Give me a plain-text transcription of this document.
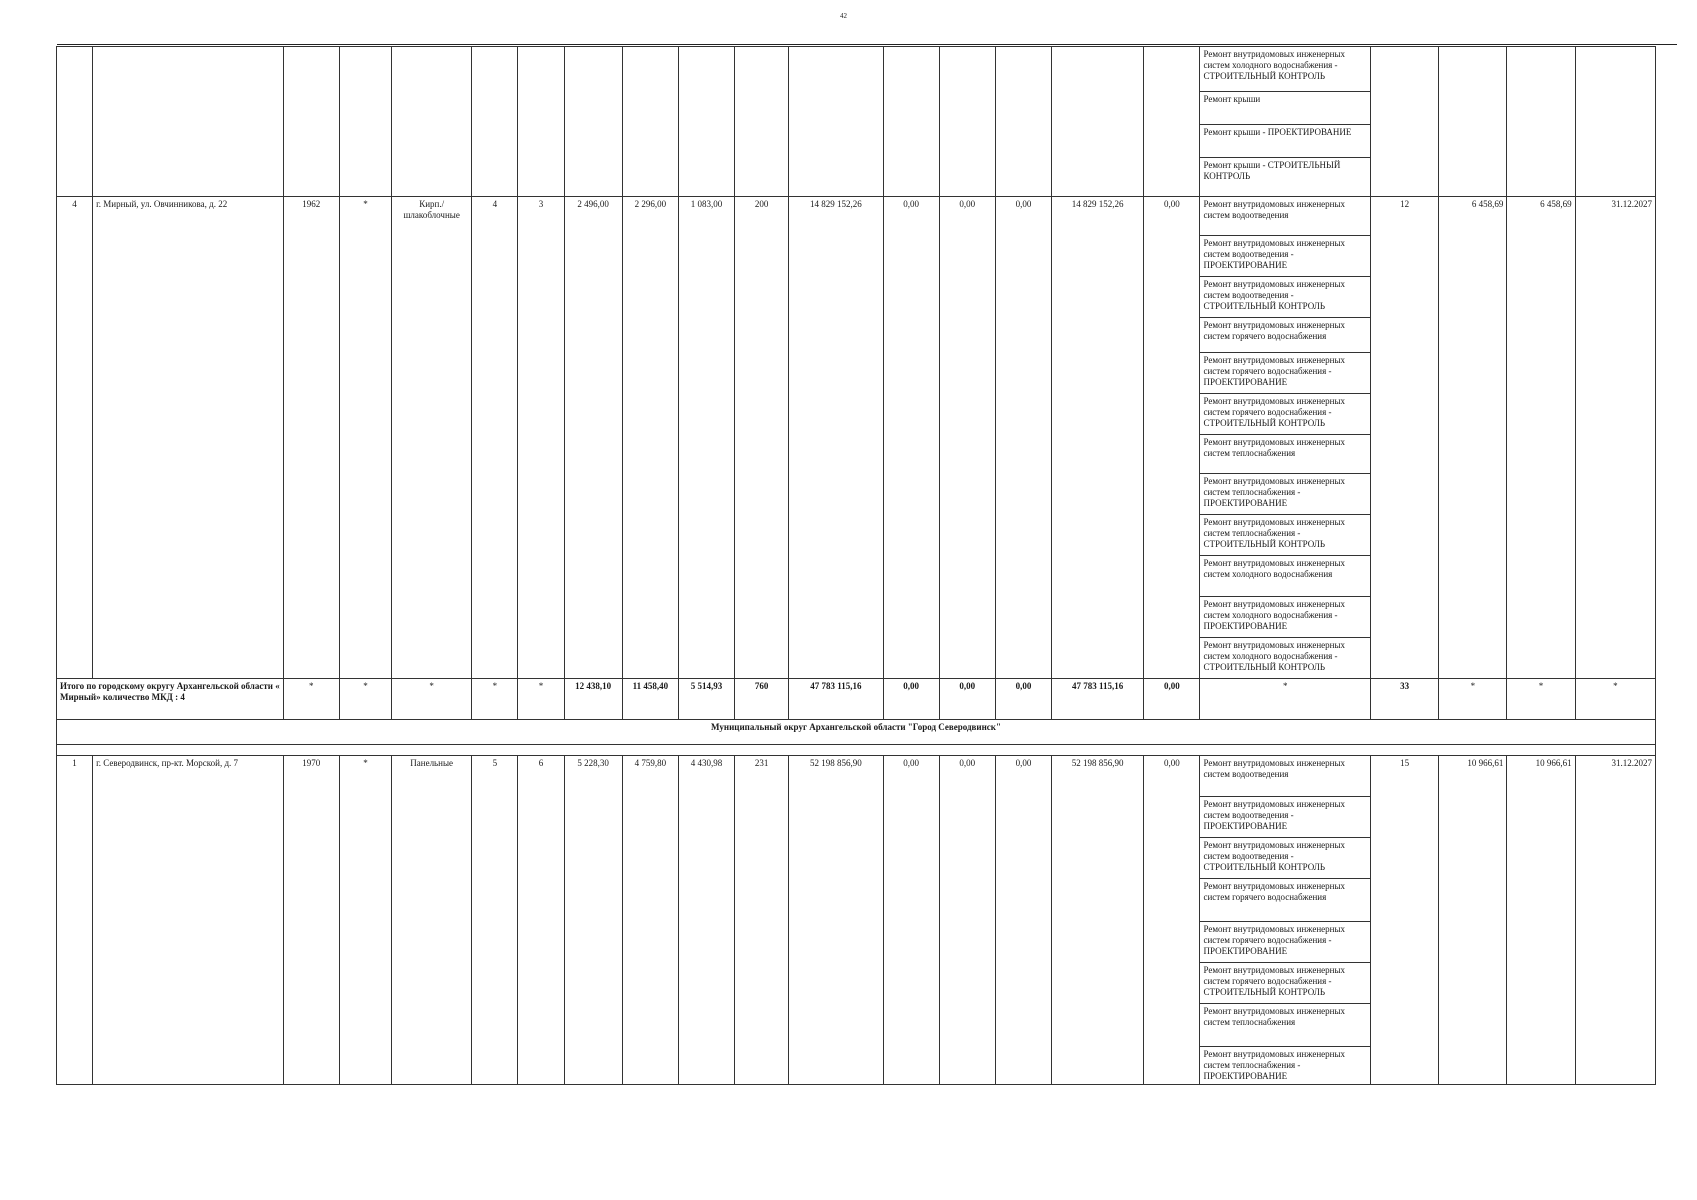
42
																	Ремонт внутридомовых инженерных систем холодного водоснабжения - СТРОИТЕЛЬНЫЙ КОНТРОЛЬ				
																	Ремонт крыши				
																	Ремонт крыши - ПРОЕКТИРОВАНИЕ				
																	Ремонт крыши - СТРОИТЕЛЬНЫЙ КОНТРОЛЬ				
4	г. Мирный, ул. Овчинникова, д. 22	1962	*	Кирп./ шлакоблочные	4	3	2 496,00	2 296,00	1 083,00	200	14 829 152,26	0,00	0,00	0,00	14 829 152,26	0,00	Ремонт внутридомовых инженерных систем водоотведения	12	6 458,69	6 458,69	31.12.2027
																	Ремонт внутридомовых инженерных систем водоотведения - ПРОЕКТИРОВАНИЕ				
																	Ремонт внутридомовых инженерных систем водоотведения - СТРОИТЕЛЬНЫЙ КОНТРОЛЬ				
																	Ремонт внутридомовых инженерных систем горячего водоснабжения				
																	Ремонт внутридомовых инженерных систем горячего водоснабжения - ПРОЕКТИРОВАНИЕ				
																	Ремонт внутридомовых инженерных систем горячего водоснабжения - СТРОИТЕЛЬНЫЙ КОНТРОЛЬ				
																	Ремонт внутридомовых инженерных систем теплоснабжения				
																	Ремонт внутридомовых инженерных систем теплоснабжения - ПРОЕКТИРОВАНИЕ				
																	Ремонт внутридомовых инженерных систем теплоснабжения - СТРОИТЕЛЬНЫЙ КОНТРОЛЬ				
																	Ремонт внутридомовых инженерных систем холодного водоснабжения				
																	Ремонт внутридомовых инженерных систем холодного водоснабжения - ПРОЕКТИРОВАНИЕ				
																	Ремонт внутридомовых инженерных систем холодного водоснабжения - СТРОИТЕЛЬНЫЙ КОНТРОЛЬ				
Итого по городскому округу Архангельской области « Мирный» количество МКД : 4		*	*	*	*	*	12 438,10	11 458,40	5 514,93	760	47 783 115,16	0,00	0,00	0,00	47 783 115,16	0,00	*	33	*	*	*
Муниципальный округ Архангельской области "Город Северодвинск"																					

1	г. Северодвинск, пр-кт. Морской, д. 7	1970	*	Панельные	5	6	5 228,30	4 759,80	4 430,98	231	52 198 856,90	0,00	0,00	0,00	52 198 856,90	0,00	Ремонт внутридомовых инженерных систем водоотведения	15	10 966,61	10 966,61	31.12.2027
																	Ремонт внутридомовых инженерных систем водоотведения - ПРОЕКТИРОВАНИЕ				
																	Ремонт внутридомовых инженерных систем водоотведения - СТРОИТЕЛЬНЫЙ КОНТРОЛЬ				
																	Ремонт внутридомовых инженерных систем горячего водоснабжения				
																	Ремонт внутридомовых инженерных систем горячего водоснабжения - ПРОЕКТИРОВАНИЕ				
																	Ремонт внутридомовых инженерных систем горячего водоснабжения - СТРОИТЕЛЬНЫЙ КОНТРОЛЬ				
																	Ремонт внутридомовых инженерных систем теплоснабжения				
																	Ремонт внутридомовых инженерных систем теплоснабжения - ПРОЕКТИРОВАНИЕ				
